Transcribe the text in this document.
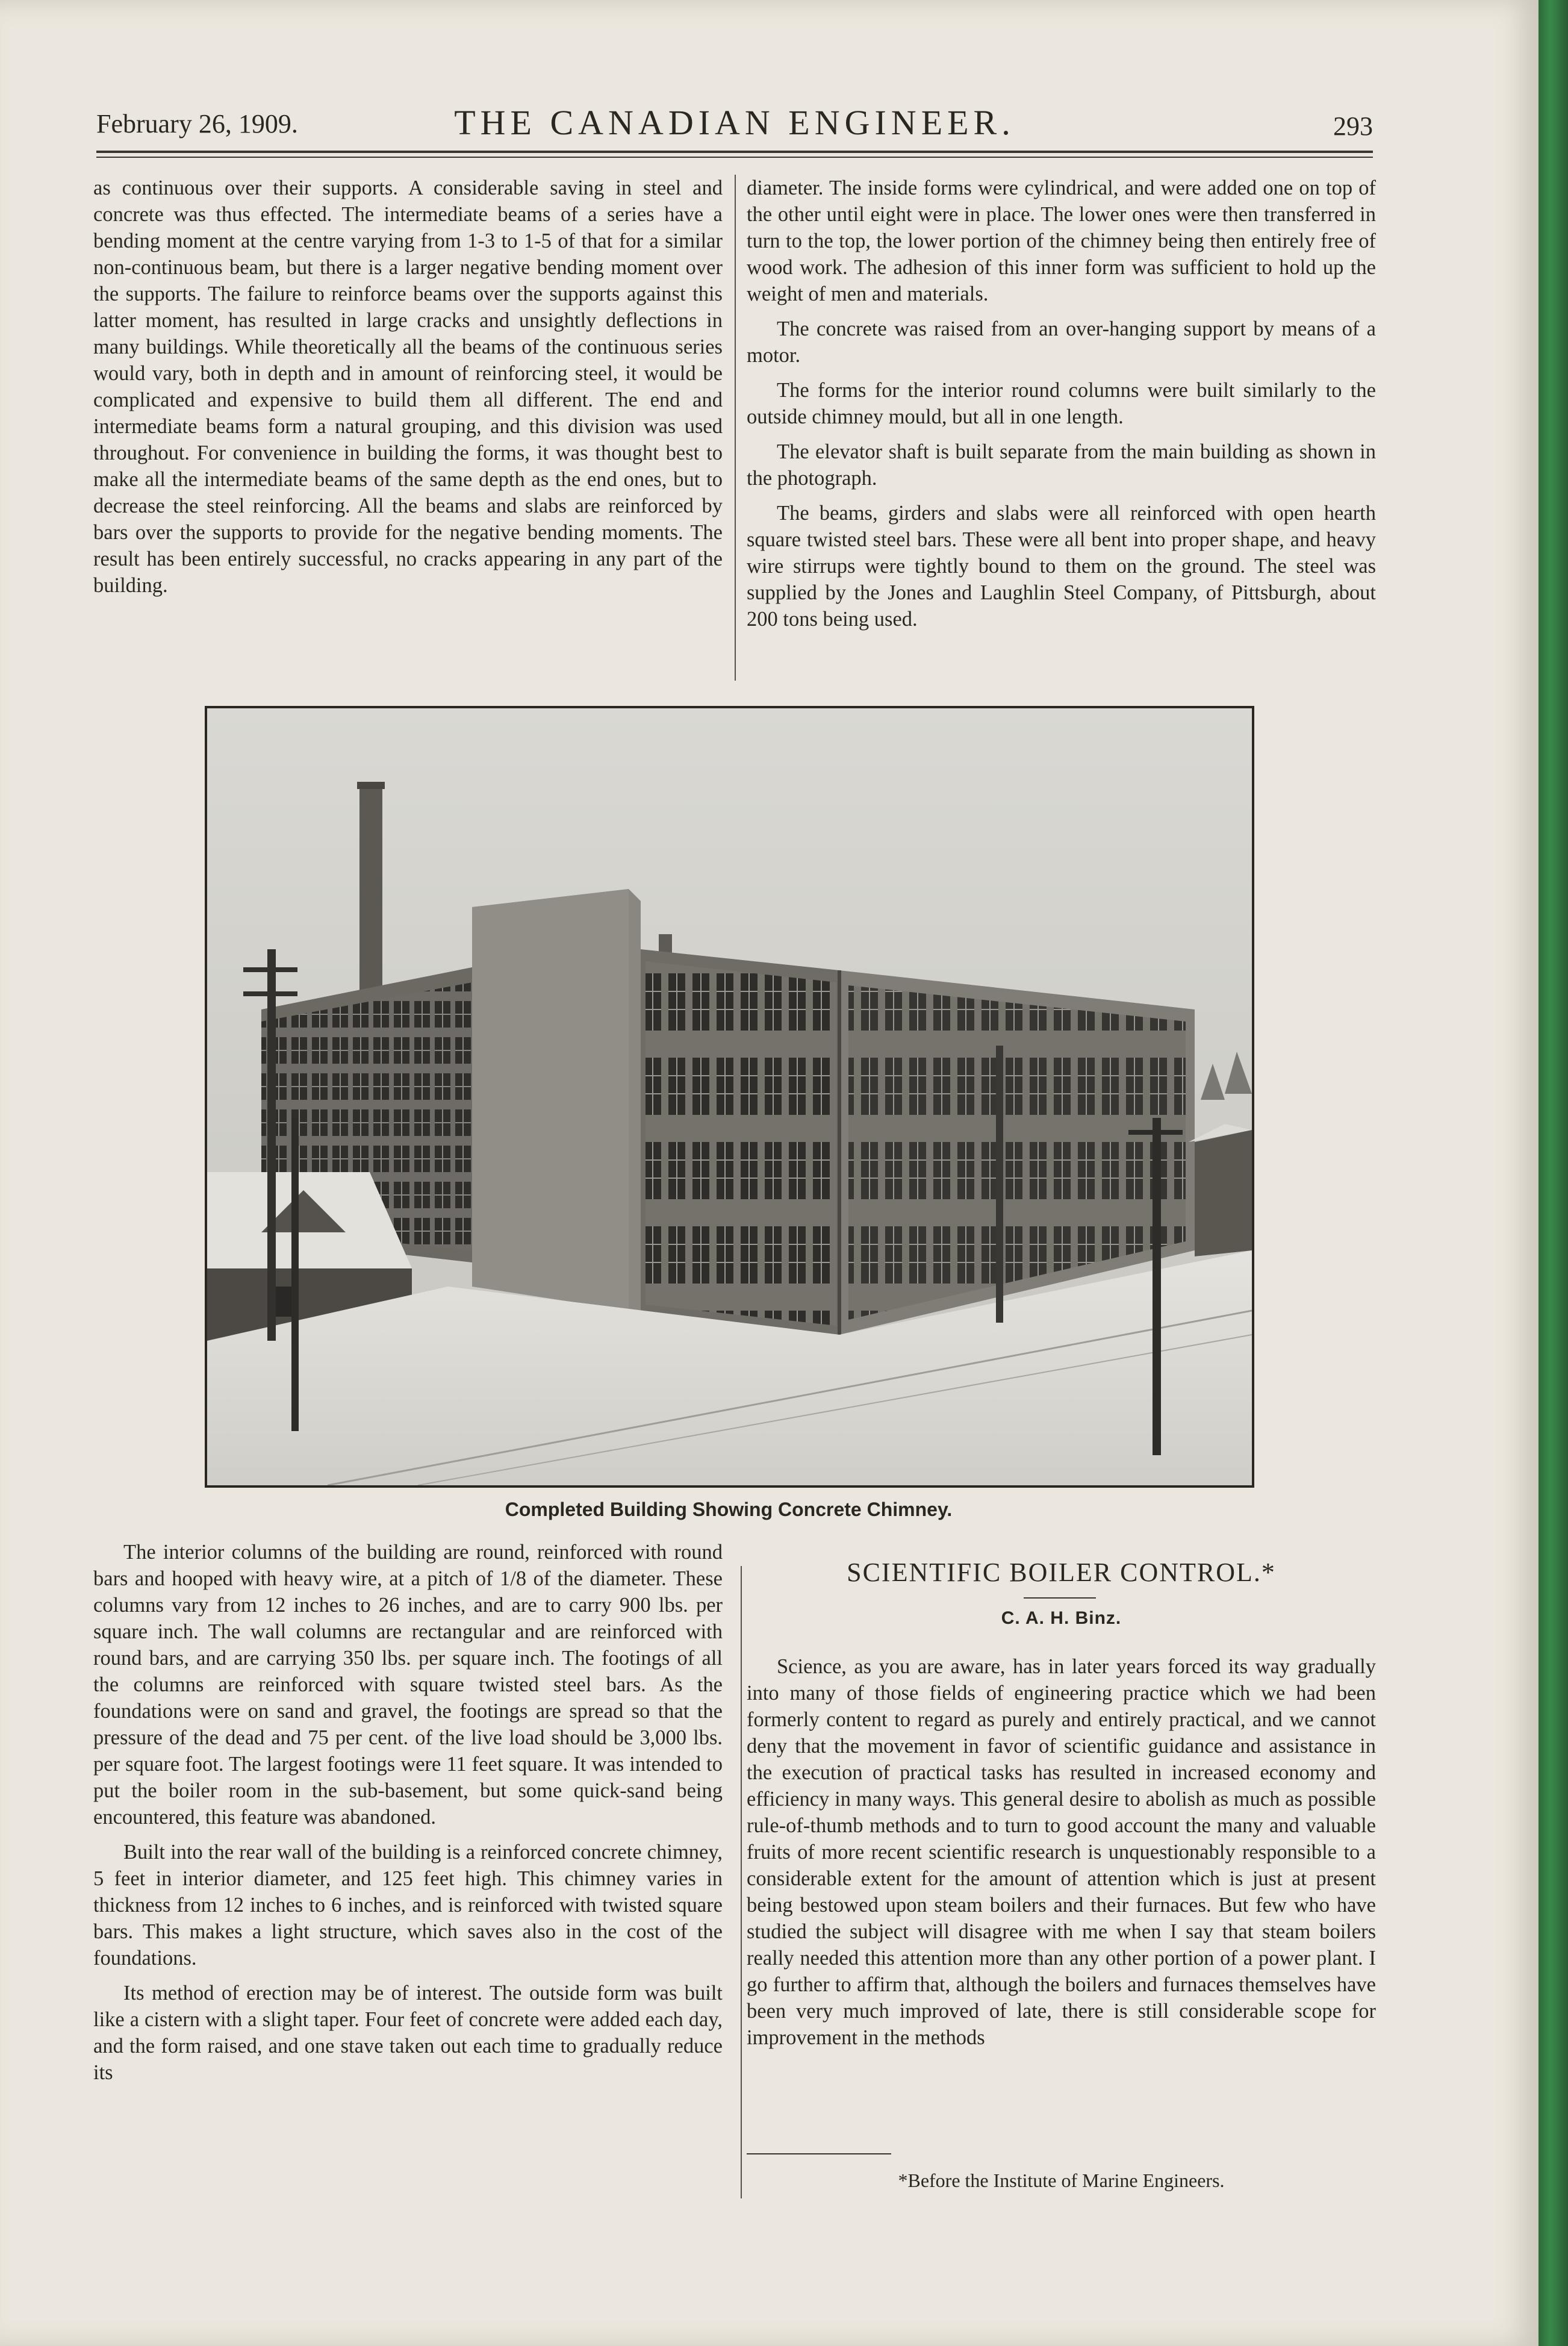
February 26, 1909.	THE CANADIAN ENGINEER.	293

as continuous over their supports. A considerable saving in steel and concrete was thus effected. The intermediate beams of a series have a bending moment at the centre varying from 1-3 to 1-5 of that for a similar non-continuous beam, but there is a larger negative bending moment over the supports. The failure to reinforce beams over the supports against this latter moment, has resulted in large cracks and unsightly deflections in many buildings. While theoretically all the beams of the continuous series would vary, both in depth and in amount of reinforcing steel, it would be complicated and expensive to build them all different. The end and intermediate beams form a natural grouping, and this division was used throughout. For convenience in building the forms, it was thought best to make all the intermediate beams of the same depth as the end ones, but to decrease the steel reinforcing. All the beams and slabs are reinforced by bars over the supports to provide for the negative bending moments. The result has been entirely successful, no cracks appearing in any part of the building.

diameter. The inside forms were cylindrical, and were added one on top of the other until eight were in place. The lower ones were then transferred in turn to the top, the lower portion of the chimney being then entirely free of wood work. The adhesion of this inner form was sufficient to hold up the weight of men and materials.

The concrete was raised from an over-hanging support by means of a motor.

The forms for the interior round columns were built similarly to the outside chimney mould, but all in one length.

The elevator shaft is built separate from the main building as shown in the photograph.

The beams, girders and slabs were all reinforced with open hearth square twisted steel bars. These were all bent into proper shape, and heavy wire stirrups were tightly bound to them on the ground. The steel was supplied by the Jones and Laughlin Steel Company, of Pittsburgh, about 200 tons being used.

Completed Building Showing Concrete Chimney.

The interior columns of the building are round, reinforced with round bars and hooped with heavy wire, at a pitch of 1/8 of the diameter. These columns vary from 12 inches to 26 inches, and are to carry 900 lbs. per square inch. The wall columns are rectangular and are reinforced with round bars, and are carrying 350 lbs. per square inch. The footings of all the columns are reinforced with square twisted steel bars. As the foundations were on sand and gravel, the footings are spread so that the pressure of the dead and 75 per cent. of the live load should be 3,000 lbs. per square foot. The largest footings were 11 feet square. It was intended to put the boiler room in the sub-basement, but some quick-sand being encountered, this feature was abandoned.

Built into the rear wall of the building is a reinforced concrete chimney, 5 feet in interior diameter, and 125 feet high. This chimney varies in thickness from 12 inches to 6 inches, and is reinforced with twisted square bars. This makes a light structure, which saves also in the cost of the foundations.

Its method of erection may be of interest. The outside form was built like a cistern with a slight taper. Four feet of concrete were added each day, and the form raised, and one stave taken out each time to gradually reduce its

SCIENTIFIC BOILER CONTROL.*
C. A. H. Binz.

Science, as you are aware, has in later years forced its way gradually into many of those fields of engineering practice which we had been formerly content to regard as purely and entirely practical, and we cannot deny that the movement in favor of scientific guidance and assistance in the execution of practical tasks has resulted in increased economy and efficiency in many ways. This general desire to abolish as much as possible rule-of-thumb methods and to turn to good account the many and valuable fruits of more recent scientific research is unquestionably responsible to a considerable extent for the amount of attention which is just at present being bestowed upon steam boilers and their furnaces. But few who have studied the subject will disagree with me when I say that steam boilers really needed this attention more than any other portion of a power plant. I go further to affirm that, although the boilers and furnaces themselves have been very much improved of late, there is still considerable scope for improvement in the methods

*Before the Institute of Marine Engineers.
